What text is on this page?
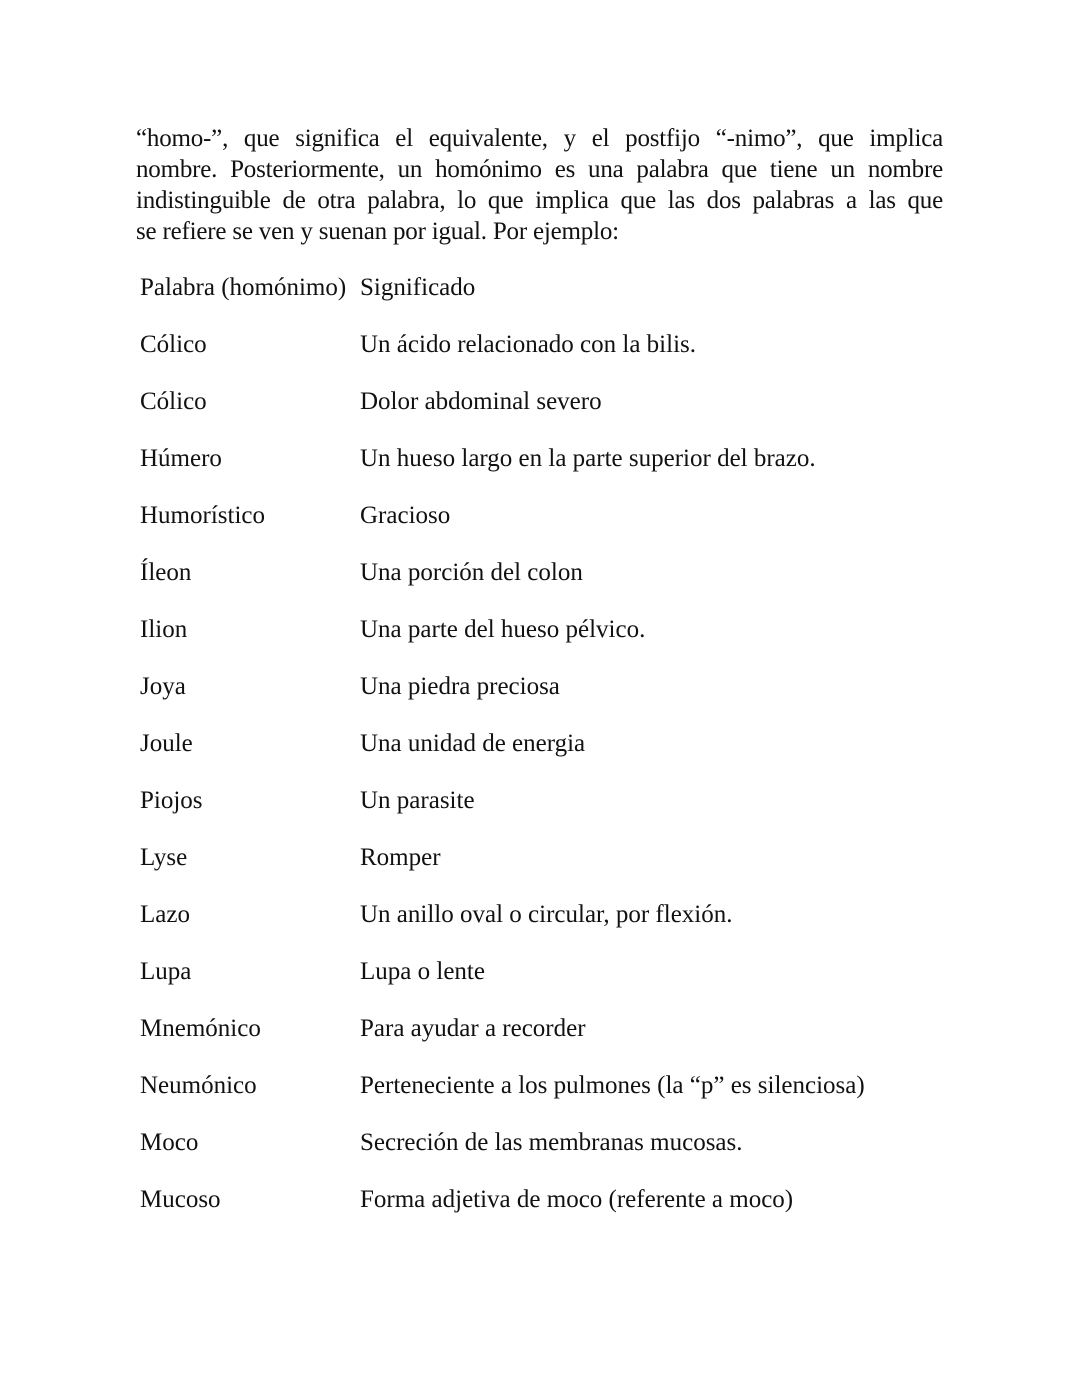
“homo-”, que significa el equivalente, y el postfijo “-nimo”, que implica
nombre. Posteriormente, un homónimo es una palabra que tiene un nombre
indistinguible de otra palabra, lo que implica que las dos palabras a las que
se refiere se ven y suenan por igual. Por ejemplo:

Palabra (homónimo) Significado
Cólico	Un ácido relacionado con la bilis.
Cólico	Dolor abdominal severo
Húmero	Un hueso largo en la parte superior del brazo.
Humorístico	Gracioso
Íleon	Una porción del colon
Ilion	Una parte del hueso pélvico.
Joya	Una piedra preciosa
Joule	Una unidad de energia
Piojos	Un parasite
Lyse	Romper
Lazo	Un anillo oval o circular, por flexión.
Lupa	Lupa o lente
Mnemónico	Para ayudar a recorder
Neumónico	Perteneciente a los pulmones (la “p” es silenciosa)
Moco	Secreción de las membranas mucosas.
Mucoso	Forma adjetiva de moco (referente a moco)
